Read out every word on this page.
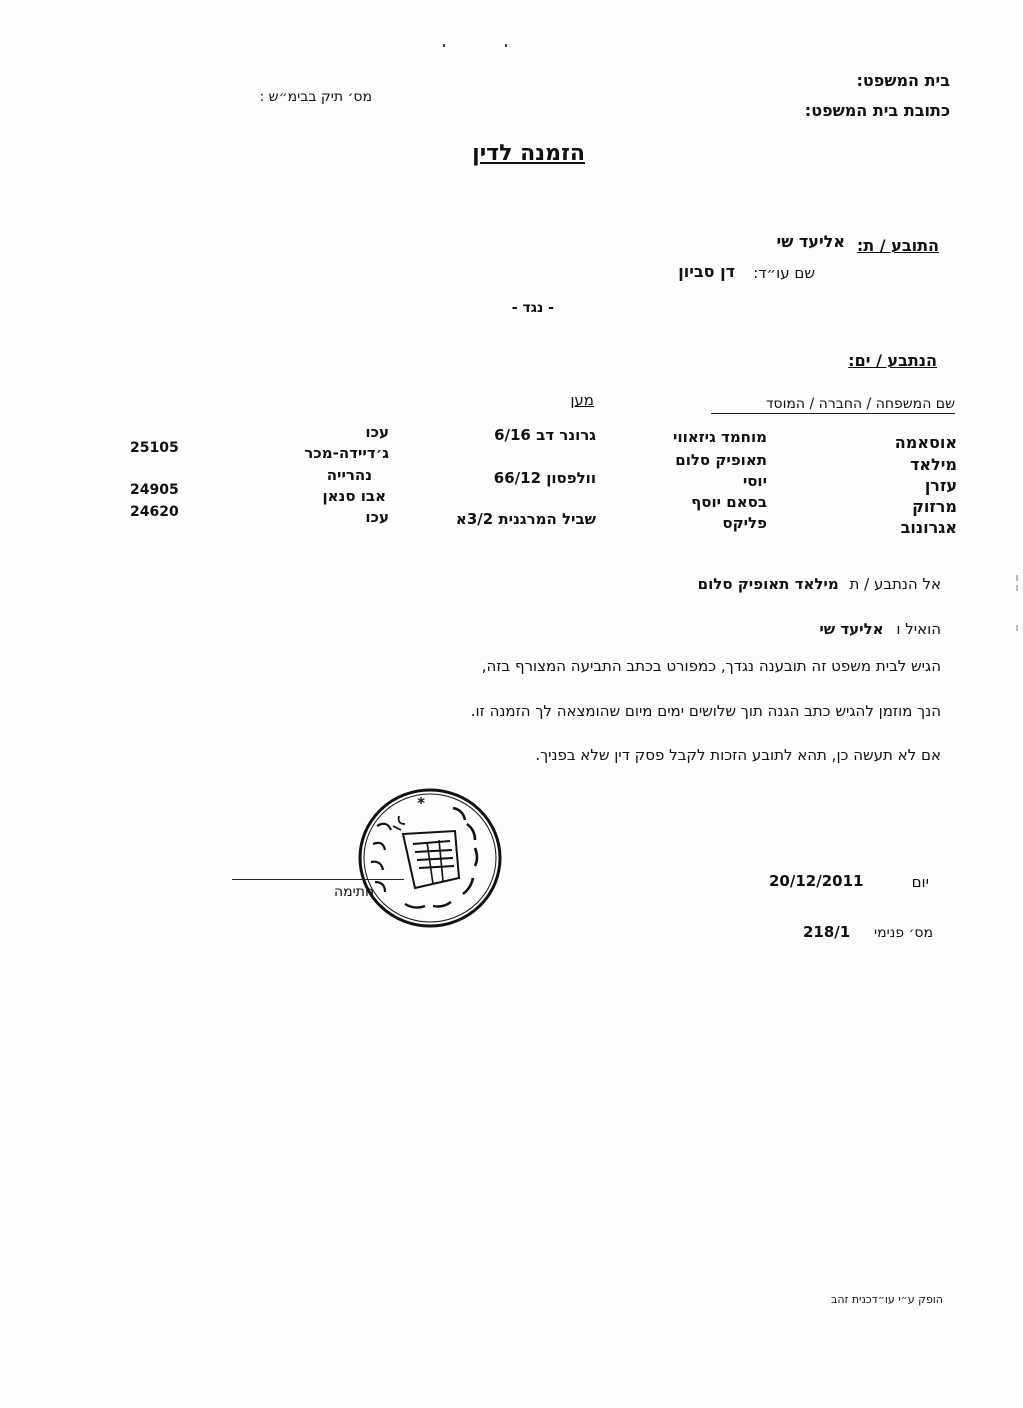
בית המשפט:
כתובת בית המשפט:
מס׳ תיק בבימ״ש :
הזמנה לדין
התובע / ת:
אליעד שי
שם עו״ד:
דן סביון
- נגד -
הנתבע / ים:
שם המשפחה / החברה / המוסד
מען
אוסאמה
מוחמד גיזאווי
גרונר דב 6/16
עכו
מילאד
תאופיק סלום
ג׳דיידה-מכר
25105
עזרן
יוסי
וולפסון 66/12
נהרייה
מרזוק
בסאם יוסף
אבו סנאן
24905
אגרונוב
פליקס
שביל המרגנית 3/2א
עכו
24620
אל הנתבע / ת מילאד תאופיק סלום
הואיל ו אליעד שי
הגיש לבית משפט זה תובענה נגדך, כמפורט בכתב התביעה המצורף בזה,
הנך מוזמן להגיש כתב הגנה תוך שלושים ימים מיום שהומצאה לך הזמנה זו.
אם לא תעשה כן, תהא לתובע הזכות לקבל פסק דין שלא בפניך.
*
חתימה
יום
20/12/2011
מס׳ פנימי
218/1
הופק ע״י עו״דכנית זהב
